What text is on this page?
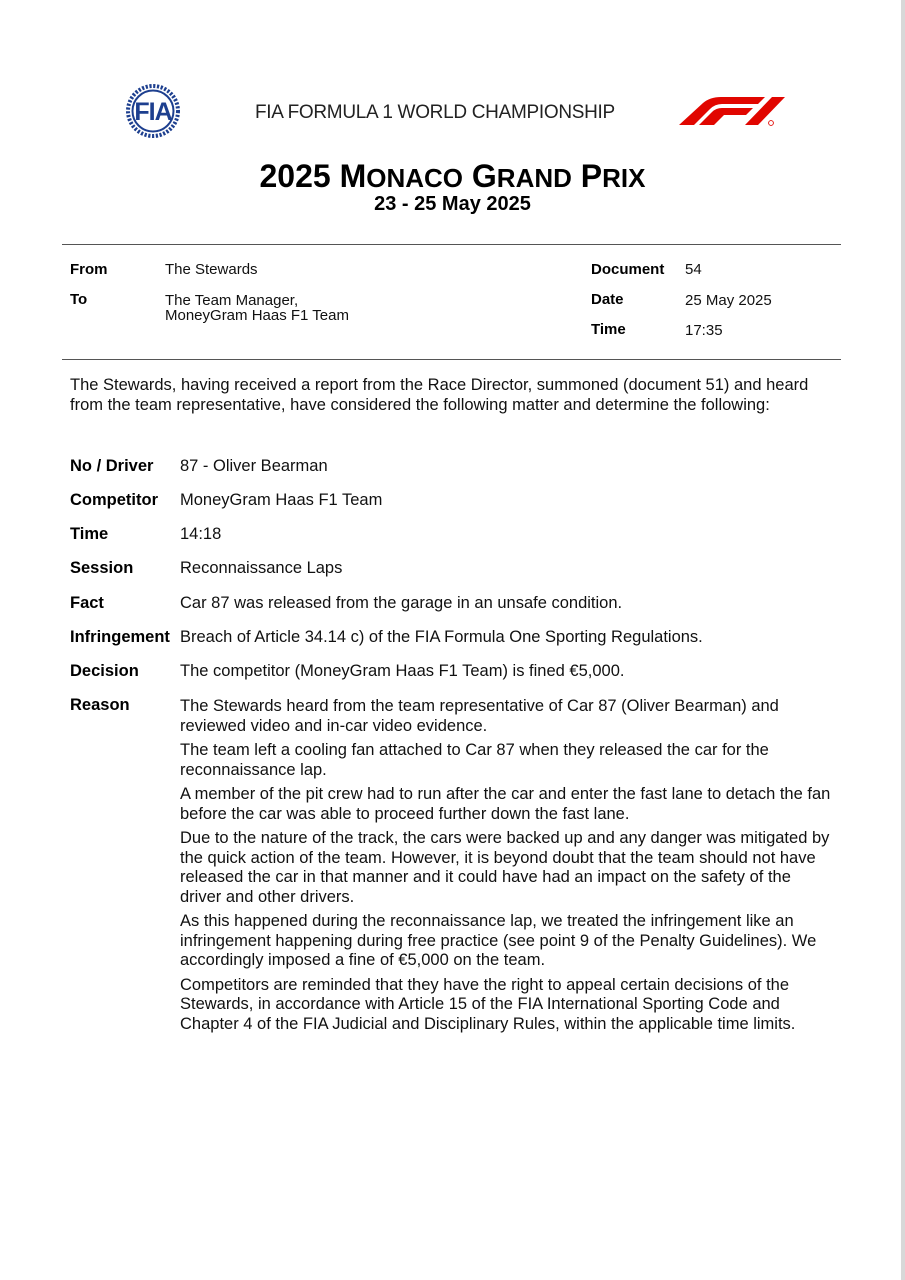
FIA	FIA FORMULA 1 WORLD CHAMPIONSHIP
2025 MONACO GRAND PRIX
23 - 25 May 2025
From	The Stewards
To	The Team Manager,
MoneyGram Haas F1 Team
Document 54
Date	25 May 2025
Time	17:35
The Stewards, having received a report from the Race Director, summoned (document 51) and heard from the team representative, have considered the following matter and determine the following:
No / Driver 87 - Oliver Bearman
Competitor MoneyGram Haas F1 Team
Time	14:18
Session	Reconnaissance Laps
Fact	Car 87 was released from the garage in an unsafe condition.
Infringement Breach of Article 34.14 c) of the FIA Formula One Sporting Regulations.
Decision The competitor (MoneyGram Haas F1 Team) is fined €5,000.
Reason	The Stewards heard from the team representative of Car 87 (Oliver Bearman) and reviewed video and in-car video evidence.

The team left a cooling fan attached to Car 87 when they released the car for the reconnaissance lap.

A member of the pit crew had to run after the car and enter the fast lane to detach the fan before the car was able to proceed further down the fast lane.

Due to the nature of the track, the cars were backed up and any danger was mitigated by the quick action of the team. However, it is beyond doubt that the team should not have released the car in that manner and it could have had an impact on the safety of the driver and other drivers.

As this happened during the reconnaissance lap, we treated the infringement like an infringement happening during free practice (see point 9 of the Penalty Guidelines). We accordingly imposed a fine of €5,000 on the team.

Competitors are reminded that they have the right to appeal certain decisions of the Stewards, in accordance with Article 15 of the FIA International Sporting Code and Chapter 4 of the FIA Judicial and Disciplinary Rules, within the applicable time limits.
